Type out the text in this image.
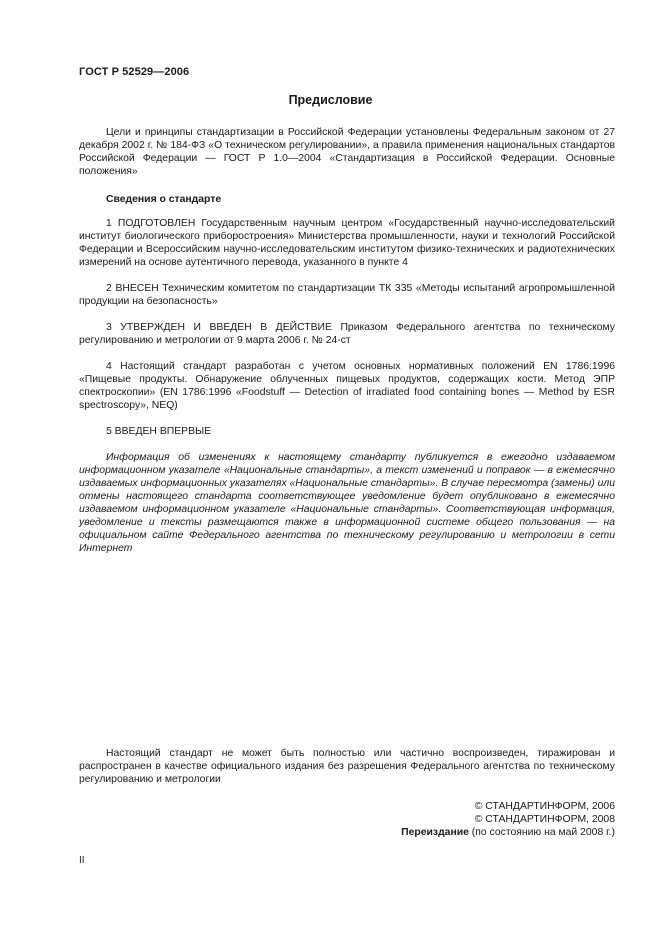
ГОСТ Р 52529—2006
Предисловие

Цели и принципы стандартизации в Российской Федерации установлены Федеральным законом от 27 декабря 2002 г. № 184-ФЗ «О техническом регулировании», а правила применения национальных стандартов Российской Федерации — ГОСТ Р 1.0—2004 «Стандартизация в Российской Федерации. Основные положения»

Сведения о стандарте

1 ПОДГОТОВЛЕН Государственным научным центром «Государственный научно-исследовательский институт биологического приборостроения» Министерства промышленности, науки и технологий Российской Федерации и Всероссийским научно-исследовательским институтом физико-технических и радиотехнических измерений на основе аутентичного перевода, указанного в пункте 4

2 ВНЕСЕН Техническим комитетом по стандартизации ТК 335 «Методы испытаний агропромышленной продукции на безопасность»

3 УТВЕРЖДЕН И ВВЕДЕН В ДЕЙСТВИЕ Приказом Федерального агентства по техническому регулированию и метрологии от 9 марта 2006 г. № 24-ст

4 Настоящий стандарт разработан с учетом основных нормативных положений EN 1786:1996 «Пищевые продукты. Обнаружение облученных пищевых продуктов, содержащих кости. Метод ЭПР спектроскопии» (EN 1786:1996 «Foodstuff — Detection of irradiated food containing bones — Method by ESR spectroscopy», NEQ)

5 ВВЕДЕН ВПЕРВЫЕ

Информация об изменениях к настоящему стандарту публикуется в ежегодно издаваемом информационном указателе «Национальные стандарты», а текст изменений и поправок — в ежемесячно издаваемых информационных указателях «Национальные стандарты». В случае пересмотра (замены) или отмены настоящего стандарта соответствующее уведомление будет опубликовано в ежемесячно издаваемом информационном указателе «Национальные стандарты». Соответствующая информация, уведомление и тексты размещаются также в информационной системе общего пользования — на официальном сайте Федерального агентства по техническому регулированию и метрологии в сети Интернет

Настоящий стандарт не может быть полностью или частично воспроизведен, тиражирован и распространен в качестве официального издания без разрешения Федерального агентства по техническому регулированию и метрологии

© СТАНДАРТИНФОРМ, 2006
© СТАНДАРТИНФОРМ, 2008
Переиздание (по состоянию на май 2008 г.)
II
